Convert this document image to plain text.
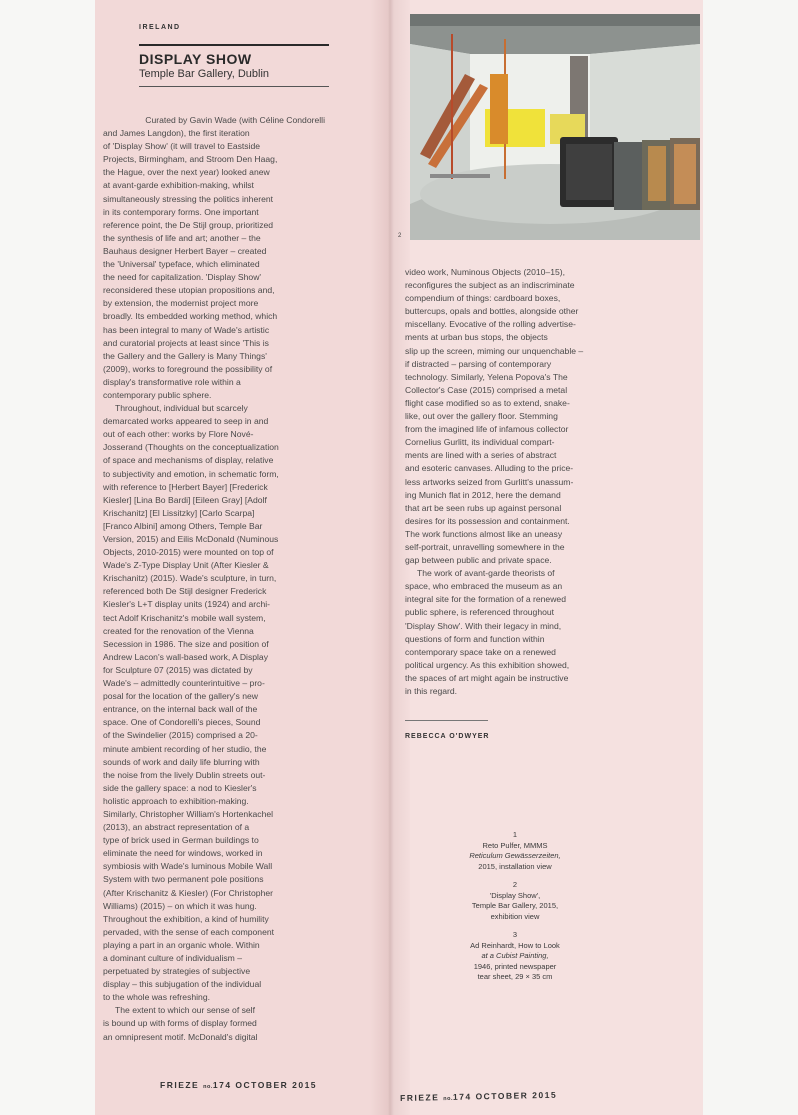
IRELAND
DISPLAY SHOW
Temple Bar Gallery, Dublin
Curated by Gavin Wade (with Céline Condorelli
and James Langdon), the first iteration
of 'Display Show' (it will travel to Eastside
Projects, Birmingham, and Stroom Den Haag,
the Hague, over the next year) looked anew
at avant-garde exhibition-making, whilst
simultaneously stressing the politics inherent
in its contemporary forms. One important
reference point, the De Stijl group, prioritized
the synthesis of life and art; another – the
Bauhaus designer Herbert Bayer – created
the 'Universal' typeface, which eliminated
the need for capitalization. 'Display Show'
reconsidered these utopian propositions and,
by extension, the modernist project more
broadly. Its embedded working method, which
has been integral to many of Wade's artistic
and curatorial projects at least since 'This is
the Gallery and the Gallery is Many Things'
(2009), works to foreground the possibility of
display's transformative role within a
contemporary public sphere.
Throughout, individual but scarcely
demarcated works appeared to seep in and
out of each other: works by Flore Nové-
Josserand (Thoughts on the conceptualization
of space and mechanisms of display, relative
to subjectivity and emotion, in schematic form,
with reference to [Herbert Bayer] [Frederick
Kiesler] [Lina Bo Bardi] [Eileen Gray] [Adolf
Krischanitz] [El Lissitzky] [Carlo Scarpa]
[Franco Albini] among Others, Temple Bar
Version, 2015) and Eilis McDonald (Numinous
Objects, 2010-2015) were mounted on top of
Wade's Z-Type Display Unit (After Kiesler &
Krischanitz) (2015). Wade's sculpture, in turn,
referenced both De Stijl designer Frederick
Kiesler's L+T display units (1924) and archi-
tect Adolf Krischanitz's mobile wall system,
created for the renovation of the Vienna
Secession in 1986. The size and position of
Andrew Lacon's wall-based work, A Display
for Sculpture 07 (2015) was dictated by
Wade's – admittedly counterintuitive – pro-
posal for the location of the gallery's new
entrance, on the internal back wall of the
space. One of Condorelli's pieces, Sound
of the Swindelier (2015) comprised a 20-
minute ambient recording of her studio, the
sounds of work and daily life blurring with
the noise from the lively Dublin streets out-
side the gallery space: a nod to Kiesler's
holistic approach to exhibition-making.
Similarly, Christopher William's Hortenkachel
(2013), an abstract representation of a
type of brick used in German buildings to
eliminate the need for windows, worked in
symbiosis with Wade's luminous Mobile Wall
System with two permanent pole positions
(After Krischanitz & Kiesler) (For Christopher
Williams) (2015) – on which it was hung.
Throughout the exhibition, a kind of humility
pervaded, with the sense of each component
playing a part in an organic whole. Within
a dominant culture of individualism –
perpetuated by strategies of subjective
display – this subjugation of the individual
to the whole was refreshing.
The extent to which our sense of self
is bound up with forms of display formed
an omnipresent motif. McDonald's digital
2
video work, Numinous Objects (2010–15),
reconfigures the subject as an indiscriminate
compendium of things: cardboard boxes,
buttercups, opals and bottles, alongside other
miscellany. Evocative of the rolling advertise-
ments at urban bus stops, the objects
slip up the screen, miming our unquenchable –
if distracted – parsing of contemporary
technology. Similarly, Yelena Popova's The
Collector's Case (2015) comprised a metal
flight case modified so as to extend, snake-
like, out over the gallery floor. Stemming
from the imagined life of infamous collector
Cornelius Gurlitt, its individual compart-
ments are lined with a series of abstract
and esoteric canvases. Alluding to the price-
less artworks seized from Gurlitt's unassum-
ing Munich flat in 2012, here the demand
that art be seen rubs up against personal
desires for its possession and containment.
The work functions almost like an uneasy
self-portrait, unravelling somewhere in the
gap between public and private space.
The work of avant-garde theorists of
space, who embraced the museum as an
integral site for the formation of a renewed
public sphere, is referenced throughout
'Display Show'. With their legacy in mind,
questions of form and function within
contemporary space take on a renewed
political urgency. As this exhibition showed,
the spaces of art might again be instructive
in this regard.
REBECCA O'DWYER
1
Reto Pulfer, MMMS
Reticulum Gewässerzeiten,
2015, installation view
2
'Display Show',
Temple Bar Gallery, 2015,
exhibition view
3
Ad Reinhardt, How to Look
at a Cubist Painting,
1946, printed newspaper
tear sheet, 29 × 35 cm
FRIEZE no.174 OCTOBER 2015
FRIEZE no.174 OCTOBER 2015
